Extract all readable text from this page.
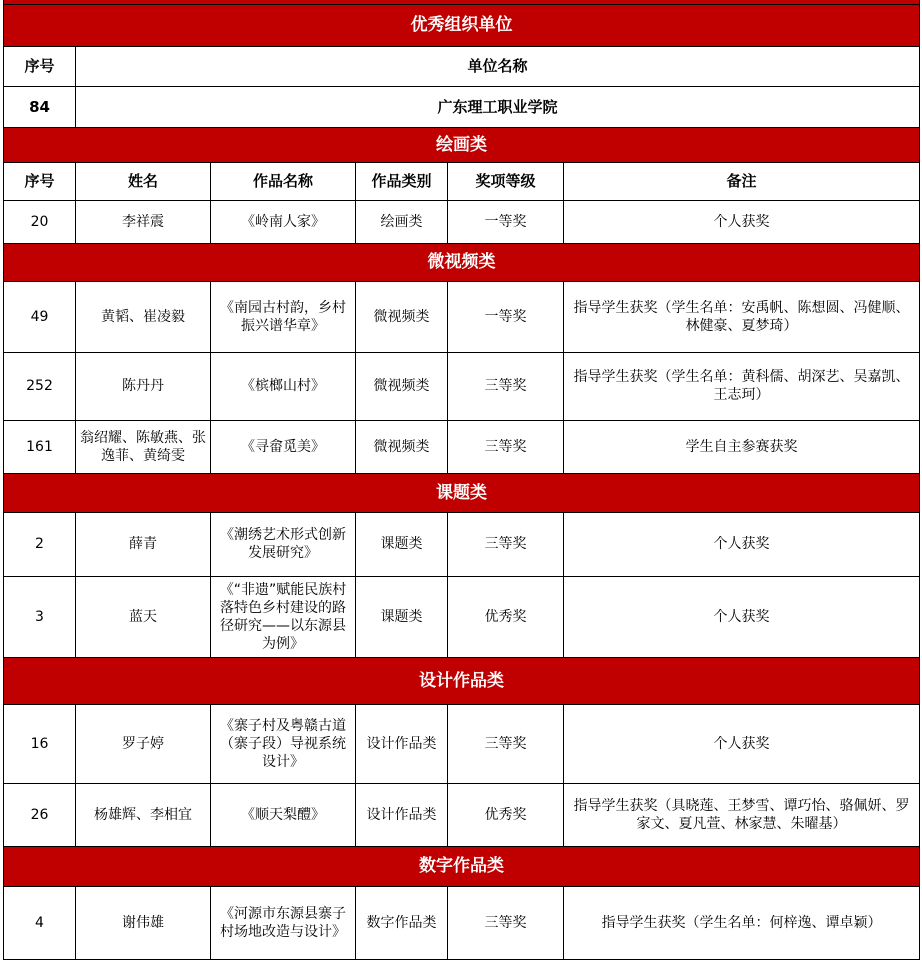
优秀组织单位					
序号	单位名称				
84	广东理工职业学院				
绘画类					
序号	姓名	作品名称	作品类别	奖项等级	备注
20	李祥震	《岭南人家》	绘画类	一等奖	个人获奖
微视频类					
49	黄韬、崔凌毅	《南园古村韵，乡村振兴谱华章》	微视频类	一等奖	指导学生获奖（学生名单：安禹帆、陈想圆、冯健顺、林健豪、夏梦琦）
252	陈丹丹	《槟榔山村》	微视频类	三等奖	指导学生获奖（学生名单：黄科儒、胡深艺、吴嘉凯、王志珂）
161	翁绍耀、陈敏燕、张逸菲、黄绮雯	《寻畲觅美》	微视频类	三等奖	学生自主参赛获奖
课题类					
2	薛青	《潮绣艺术形式创新发展研究》	课题类	三等奖	个人获奖
3	蓝天	《“非遗”赋能民族村落特色乡村建设的路径研究——以东源县为例》	课题类	优秀奖	个人获奖
设计作品类					
16	罗子婷	《寨子村及粤赣古道（寨子段）导视系统设计》	设计作品类	三等奖	个人获奖
26	杨雄辉、李相宜	《顺天梨醴》	设计作品类	优秀奖	指导学生获奖（具晓莲、王梦雪、谭巧怡、骆佩妍、罗家文、夏凡萱、林家慧、朱曜基）
数字作品类					
4	谢伟雄	《河源市东源县寨子村场地改造与设计》	数字作品类	三等奖	指导学生获奖（学生名单：何梓逸、谭卓颖）
